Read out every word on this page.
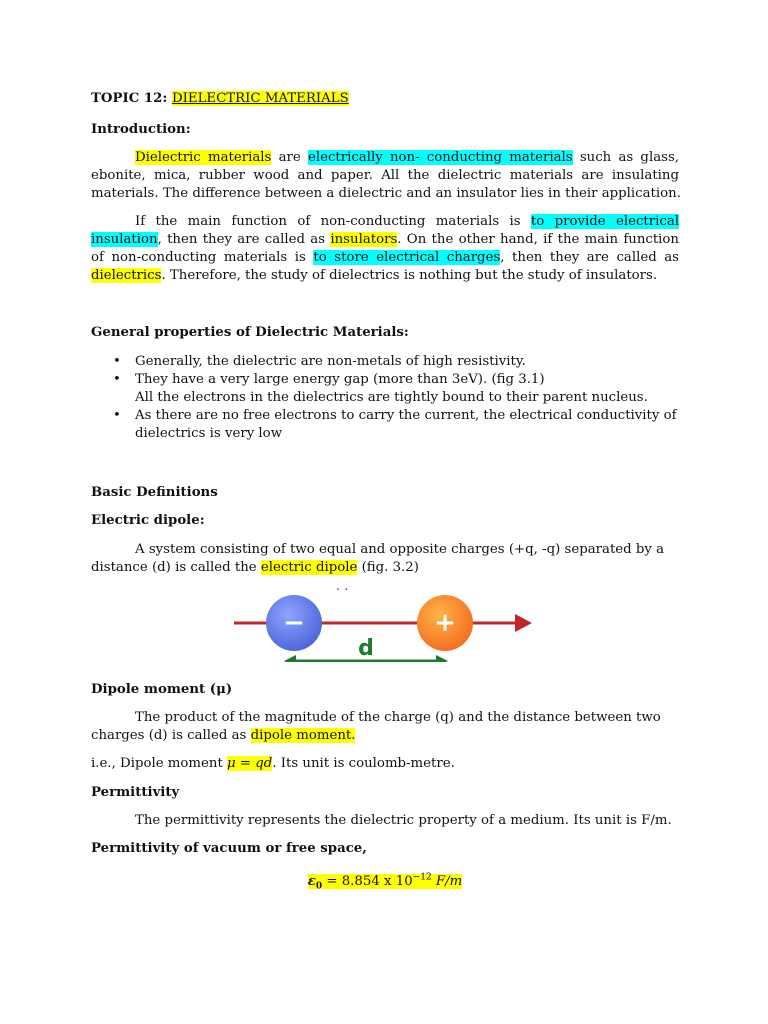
TOPIC 12: DIELECTRIC MATERIALS
Introduction:
Dielectric materials are electrically non- conducting materials such as glass,
ebonite, mica, rubber wood and paper. All the dielectric materials are insulating
materials. The difference between a dielectric and an insulator lies in their application.
If the main function of non-conducting materials is to provide electrical
insulation, then they are called as insulators. On the other hand, if the main function
of non-conducting materials is to store electrical charges, then they are called as
dielectrics. Therefore, the study of dielectrics is nothing but the study of insulators.
General properties of Dielectric Materials:
• Generally, the dielectric are non-metals of high resistivity.
• They have a very large energy gap (more than 3eV). (fig 3.1)
All the electrons in the dielectrics are tightly bound to their parent nucleus.
• As there are no free electrons to carry the current, the electrical conductivity of
dielectrics is very low
Basic Definitions
Electric dipole:
A system consisting of two equal and opposite charges (+q, -q) separated by a
distance (d) is called the electric dipole (fig. 3.2)
. .
−	+
d
Dipole moment (μ)
The product of the magnitude of the charge (q) and the distance between two
charges (d) is called as dipole moment.
i.e., Dipole moment μ = qd. Its unit is coulomb-metre.
Permittivity
The permittivity represents the dielectric property of a medium. Its unit is F/m.
Permittivity of vacuum or free space,
$\varepsilon_0 = 8.854$ x $10^{-12}$ F/m
